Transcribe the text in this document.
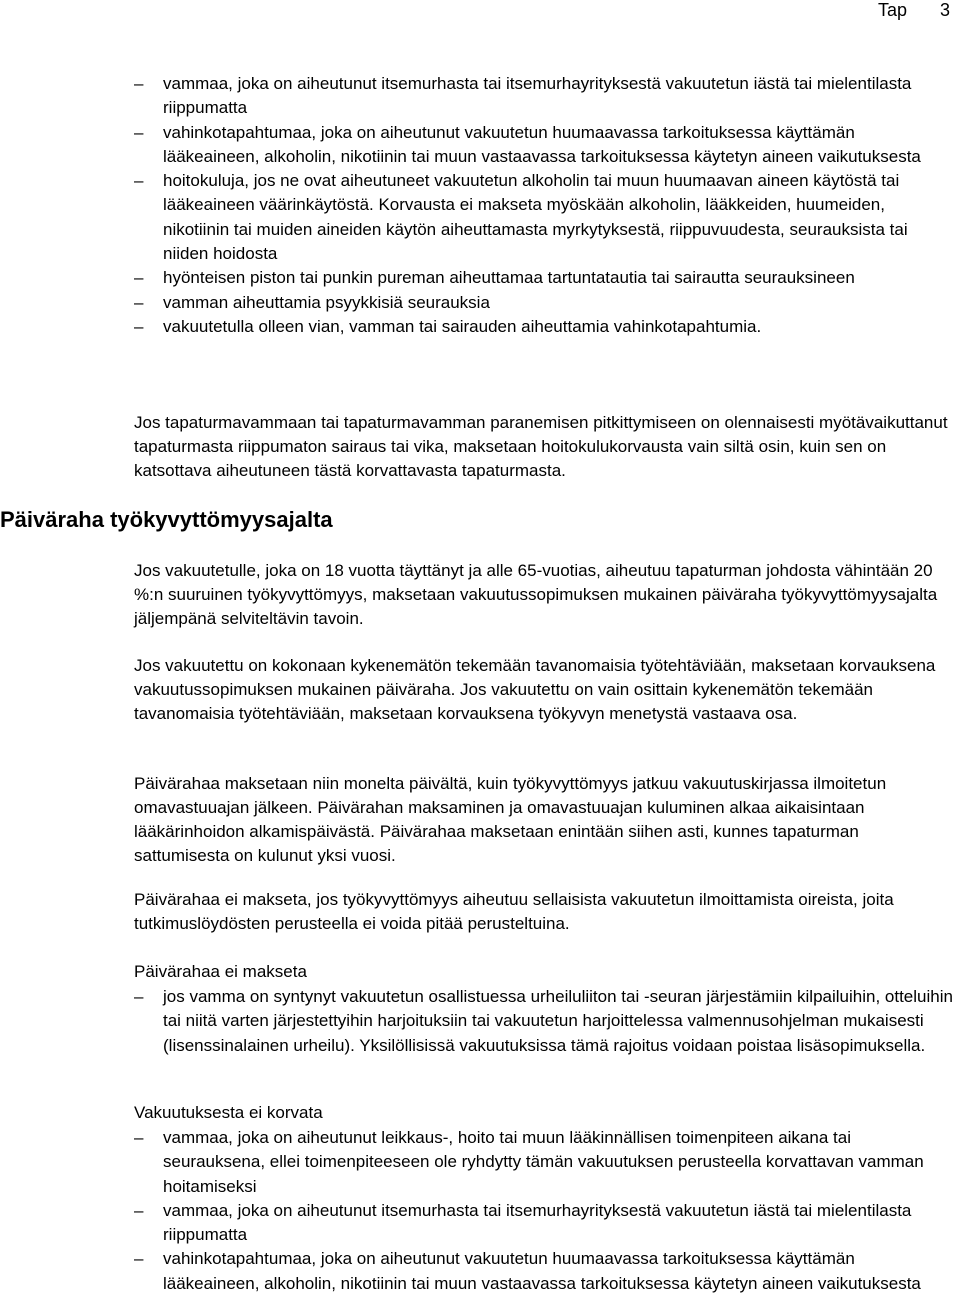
Tap 3
– vammaa, joka on aiheutunut itsemurhasta tai itsemurhayrityksestä vakuutetun iästä tai mielentilasta riippumatta
– vahinkotapahtumaa, joka on aiheutunut vakuutetun huumaavassa tarkoituksessa käyttämän lääkeaineen, alkoholin, nikotiinin tai muun vastaavassa tarkoituksessa käytetyn aineen vaikutuksesta
– hoitokuluja, jos ne ovat aiheutuneet vakuutetun alkoholin tai muun huumaavan aineen käytöstä tai lääkeaineen väärinkäytöstä. Korvausta ei makseta myöskään alkoholin, lääkkeiden, huumeiden, nikotiinin tai muiden aineiden käytön aiheuttamasta myrkytyksestä, riippuvuudesta, seurauksista tai niiden hoidosta
– hyönteisen piston tai punkin pureman aiheuttamaa tartuntatautia tai sairautta seurauksineen
– vamman aiheuttamia psyykkisiä seurauksia
– vakuutetulla olleen vian, vamman tai sairauden aiheuttamia vahinkotapahtumia.

Jos tapaturmavammaan tai tapaturmavamman paranemisen pitkittymiseen on olennaisesti myötävaikuttanut tapaturmasta riippumaton sairaus tai vika, maksetaan hoitokulukorvausta vain siltä osin, kuin sen on katsottava aiheutuneen tästä korvattavasta tapaturmasta.

Päiväraha työkyvyttömyysajalta

Jos vakuutetulle, joka on 18 vuotta täyttänyt ja alle 65-vuotias, aiheutuu tapaturman johdosta vähintään 20 %:n suuruinen työkyvyttömyys, maksetaan vakuutussopimuksen mukainen päiväraha työkyvyttömyysajalta jäljempänä selviteltävin tavoin.

Jos vakuutettu on kokonaan kykenemätön tekemään tavanomaisia työtehtäviään, maksetaan korvauksena vakuutussopimuksen mukainen päiväraha. Jos vakuutettu on vain osittain kykenemätön tekemään tavanomaisia työtehtäviään, maksetaan korvauksena työkyvyn menetystä vastaava osa.

Päivärahaa maksetaan niin monelta päivältä, kuin työkyvyttömyys jatkuu vakuutuskirjassa ilmoitetun omavastuuajan jälkeen. Päivärahan maksaminen ja omavastuuajan kuluminen alkaa aikaisintaan lääkärinhoidon alkamispäivästä. Päivärahaa maksetaan enintään siihen asti, kunnes tapaturman sattumisesta on kulunut yksi vuosi.

Päivärahaa ei makseta, jos työkyvyttömyys aiheutuu sellaisista vakuutetun ilmoittamista oireista, joita tutkimuslöydösten perusteella ei voida pitää perusteltuina.

Päivärahaa ei makseta
– jos vamma on syntynyt vakuutetun osallistuessa urheiluliiton tai -seuran järjestämiin kilpailuihin, otteluihin tai niitä varten järjestettyihin harjoituksiin tai vakuutetun harjoittelessa valmennusohjelman mukaisesti (lisenssinalainen urheilu). Yksilöllisissä vakuutuksissa tämä rajoitus voidaan poistaa lisäsopimuksella.
Vakuutuksesta ei korvata
– vammaa, joka on aiheutunut leikkaus-, hoito tai muun lääkinnällisen toimenpiteen aikana tai seurauksena, ellei toimenpiteeseen ole ryhdytty tämän vakuutuksen perusteella korvattavan vamman hoitamiseksi
– vammaa, joka on aiheutunut itsemurhasta tai itsemurhayrityksestä vakuutetun iästä tai mielentilasta riippumatta
– vahinkotapahtumaa, joka on aiheutunut vakuutetun huumaavassa tarkoituksessa käyttämän lääkeaineen, alkoholin, nikotiinin tai muun vastaavassa tarkoituksessa käytetyn aineen vaikutuksesta
